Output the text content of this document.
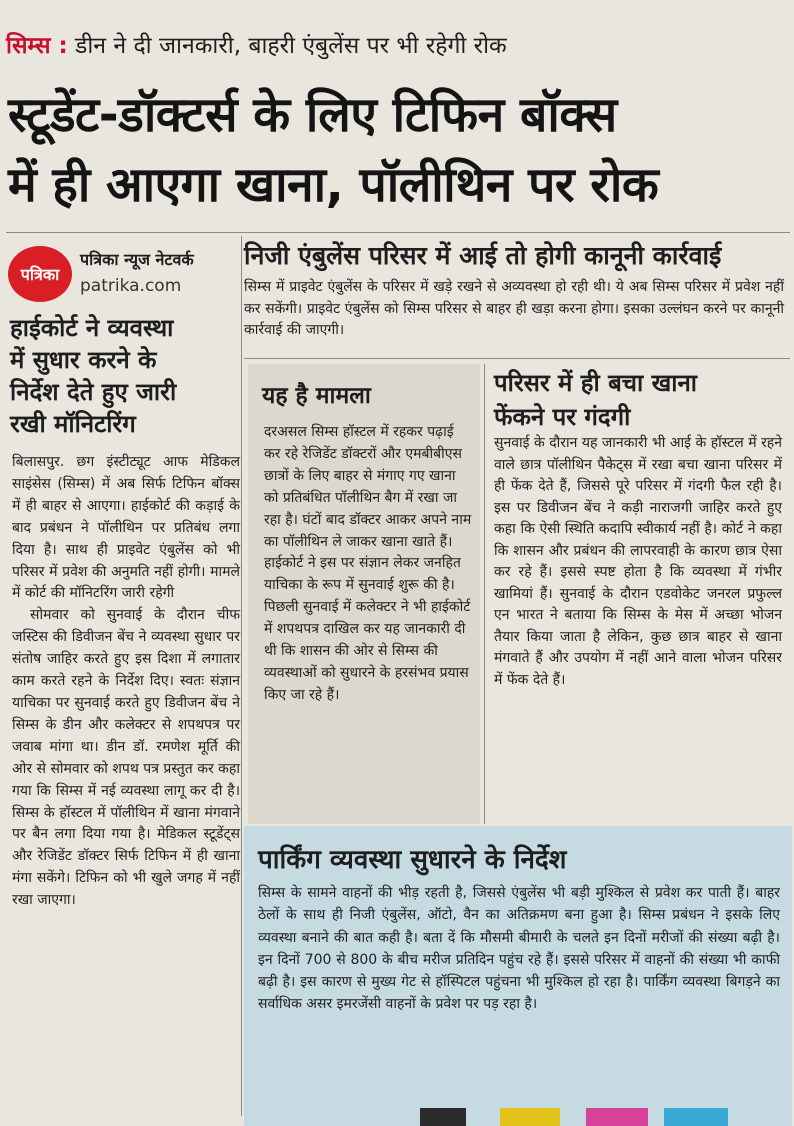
सिम्स : डीन ने दी जानकारी, बाहरी एंबुलेंस पर भी रहेगी रोक
स्टूडेंट-डॉक्टर्स के लिए टिफिन बॉक्स
में ही आएगा खाना, पॉलीथिन पर रोक
पत्रिका
पत्रिका न्यूज नेटवर्क
patrika.com
हाईकोर्ट ने व्यवस्था
में सुधार करने के
निर्देश देते हुए जारी
रखी मॉनिटरिंग

बिलासपुर. छग इंस्टीट्यूट आफ मेडिकल साइंसेस (सिम्स) में अब सिर्फ टिफिन बॉक्स में ही बाहर से आएगा। हाईकोर्ट की कड़ाई के बाद प्रबंधन ने पॉलीथिन पर प्रतिबंध लगा दिया है। साथ ही प्राइवेट एंबुलेंस को भी परिसर में प्रवेश की अनुमति नहीं होगी। मामले में कोर्ट की मॉनिटरिंग जारी रहेगी

सोमवार को सुनवाई के दौरान चीफ जस्टिस की डिवीजन बेंच ने व्यवस्था सुधार पर संतोष जाहिर करते हुए इस दिशा में लगातार काम करते रहने के निर्देश दिए। स्वतः संज्ञान याचिका पर सुनवाई करते हुए डिवीजन बेंच ने सिम्स के डीन और कलेक्टर से शपथपत्र पर जवाब मांगा था। डीन डॉ. रमणेश मूर्ति की ओर से सोमवार को शपथ पत्र प्रस्तुत कर कहा गया कि सिम्स में नई व्यवस्था लागू कर दी है। सिम्स के हॉस्टल में पॉलीथिन में खाना मंगवाने पर बैन लगा दिया गया है। मेडिकल स्टूडेंट्स और रेजिडेंट डॉक्टर सिर्फ टिफिन में ही खाना मंगा सकेंगे। टिफिन को भी खुले जगह में नहीं रखा जाएगा।

निजी एंबुलेंस परिसर में आई तो होगी कानूनी कार्रवाई
सिम्स में प्राइवेट एंबुलेंस के परिसर में खड़े रखने से अव्यवस्था हो रही थी। ये अब सिम्स परिसर में प्रवेश नहीं कर सकेंगी। प्राइवेट एंबुलेंस को सिम्स परिसर से बाहर ही खड़ा करना होगा। इसका उल्लंघन करने पर कानूनी कार्रवाई की जाएगी।
यह है मामला
दरअसल सिम्स हॉस्टल में रहकर पढ़ाई कर रहे रेजिडेंट डॉक्टरों और एमबीबीएस छात्रों के लिए बाहर से मंगाए गए खाना को प्रतिबंधित पॉलीथिन बैग में रखा जा रहा है। घंटों बाद डॉक्टर आकर अपने नाम का पॉलीथिन ले जाकर खाना खाते हैं। हाईकोर्ट ने इस पर संज्ञान लेकर जनहित याचिका के रूप में सुनवाई शुरू की है। पिछली सुनवाई में कलेक्टर ने भी हाईकोर्ट में शपथपत्र दाखिल कर यह जानकारी दी थी कि शासन की ओर से सिम्स की व्यवस्थाओं को सुधारने के हरसंभव प्रयास किए जा रहे हैं।
परिसर में ही बचा खाना
फेंकने पर गंदगी
सुनवाई के दौरान यह जानकारी भी आई के हॉस्टल में रहने वाले छात्र पॉलीथिन पैकेट्स में रखा बचा खाना परिसर में ही फेंक देते हैं, जिससे पूरे परिसर में गंदगी फैल रही है। इस पर डिवीजन बेंच ने कड़ी नाराजगी जाहिर करते हुए कहा कि ऐसी स्थिति कदापि स्वीकार्य नहीं है। कोर्ट ने कहा कि शासन और प्रबंधन की लापरवाही के कारण छात्र ऐसा कर रहे हैं। इससे स्पष्ट होता है कि व्यवस्था में गंभीर खामियां हैं। सुनवाई के दौरान एडवोकेट जनरल प्रफुल्ल एन भारत ने बताया कि सिम्स के मेस में अच्छा भोजन तैयार किया जाता है लेकिन, कुछ छात्र बाहर से खाना मंगवाते हैं और उपयोग में नहीं आने वाला भोजन परिसर में फेंक देते हैं।
पार्किंग व्यवस्था सुधारने के निर्देश
सिम्स के सामने वाहनों की भीड़ रहती है, जिससे एंबुलेंस भी बड़ी मुश्किल से प्रवेश कर पाती हैं। बाहर ठेलों के साथ ही निजी एंबुलेंस, ऑटो, वैन का अतिक्रमण बना हुआ है। सिम्स प्रबंधन ने इसके लिए व्यवस्था बनाने की बात कही है। बता दें कि मौसमी बीमारी के चलते इन दिनों मरीजों की संख्या बढ़ी है। इन दिनों 700 से 800 के बीच मरीज प्रतिदिन पहुंच रहे हैं। इससे परिसर में वाहनों की संख्या भी काफी बढ़ी है। इस कारण से मुख्य गेट से हॉस्पिटल पहुंचना भी मुश्किल हो रहा है। पार्किंग व्यवस्था बिगड़ने का सर्वाधिक असर इमरजेंसी वाहनों के प्रवेश पर पड़ रहा है।
